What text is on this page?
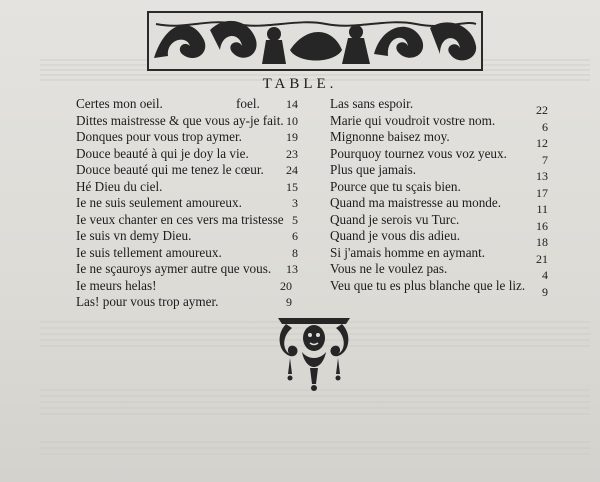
TABLE.
Certes mon oeil.	foel. 14
Dittes maistresse & que vous ay-je fait. 10
Donques pour vous trop aymer.	19
Douce beauté à qui je doy la vie.	23
Douce beauté qui me tenez le cœur. 24
Hé Dieu du ciel.	15
Ie ne suis seulement amoureux.	3
Ie veux chanter en ces vers ma tristesse 5
Ie suis vn demy Dieu.	6
Ie suis tellement amoureux.	8
Ie ne sçauroys aymer autre que vous. 13
Ie meurs helas!	20
Las! pour vous trop aymer.	9
Las sans espoir.	22
Marie qui voudroit vostre nom.	6
Mignonne baisez moy.	12
Pourquoy tournez vous voz yeux.	7
Plus que jamais.	13
Pource que tu sçais bien.	17
Quand ma maistresse au monde.	11
Quand je serois vu Turc.	16
Quand je vous dis adieu.	18
Si j'amais homme en aymant.	21
Vous ne le voulez pas.	4
Veu que tu es plus blanche que le liz. 9
